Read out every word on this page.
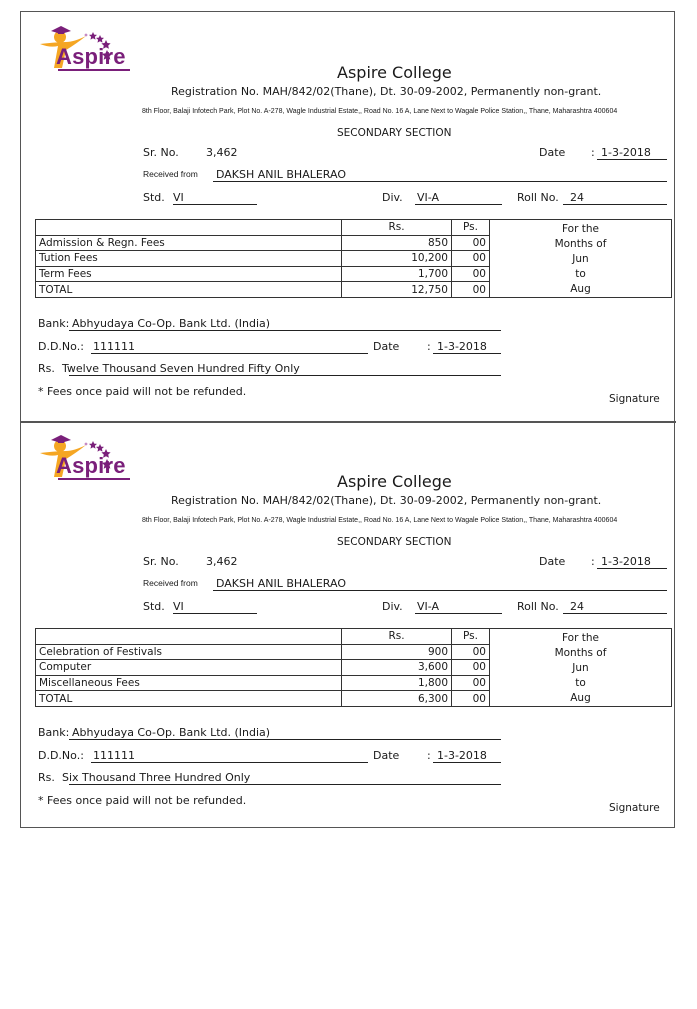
Aspire
Aspire College
Registration No. MAH/842/02(Thane), Dt. 30-09-2002, Permanently non-grant.
8th Floor, Balaji Infotech Park, Plot No. A-278, Wagle Industrial Estate,, Road No. 16 A, Lane Next to Wagale Police Station,, Thane, Maharashtra 400604
SECONDARY SECTION
Sr. No. 3,462	Date : 1-3-2018
Received from DAKSH ANIL BHALERAO
Std. VI	Div. VI-A	Roll No. 24
	Rs.	Ps.	For the
Months of
Jun
to
Aug

Admission & Regn. Fees	850	00	
Tution Fees	10,200	00	
Term Fees	1,700	00	
TOTAL	12,750	00	
Bank: Abhyudaya Co-Op. Bank Ltd. (India)
D.D.No.: 111111	Date	: 1-3-2018
Rs. Twelve Thousand Seven Hundred Fifty Only
* Fees once paid will not be refunded.
Signature
Aspire
Aspire College
Registration No. MAH/842/02(Thane), Dt. 30-09-2002, Permanently non-grant.
8th Floor, Balaji Infotech Park, Plot No. A-278, Wagle Industrial Estate,, Road No. 16 A, Lane Next to Wagale Police Station,, Thane, Maharashtra 400604
SECONDARY SECTION
Sr. No. 3,462	Date : 1-3-2018
Received from DAKSH ANIL BHALERAO
Std. VI	Div. VI-A	Roll No. 24
	Rs.	Ps.	For the
Months of
Jun
to
Aug

Celebration of Festivals	900	00	
Computer	3,600	00	
Miscellaneous Fees	1,800	00	
TOTAL	6,300	00	
Bank: Abhyudaya Co-Op. Bank Ltd. (India)
D.D.No.: 111111	Date	: 1-3-2018
Rs. Six Thousand Three Hundred Only
* Fees once paid will not be refunded.
Signature
